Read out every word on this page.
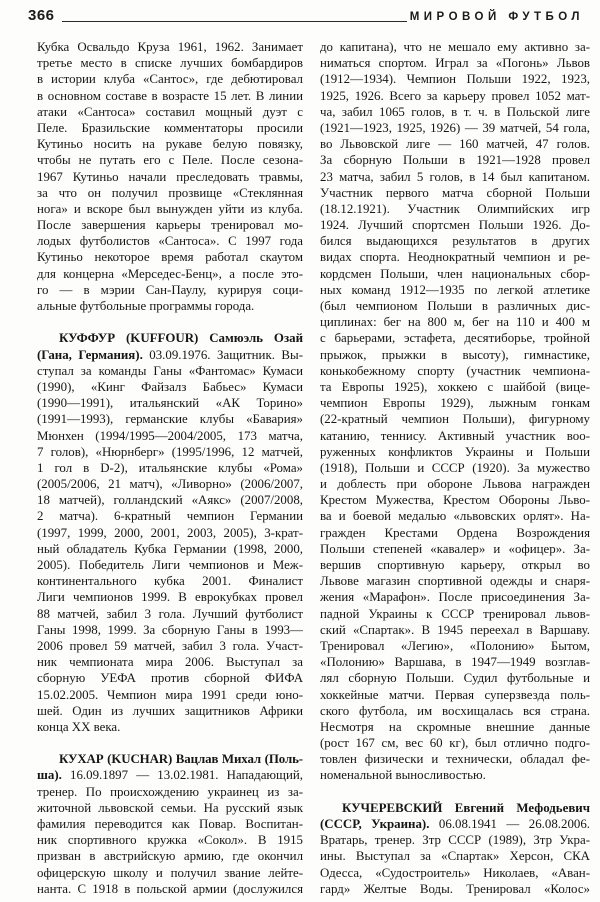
366	МИРОВОЙ ФУТБОЛ
Кубка Освальдо Круза 1961, 1962. Занимает
третье место в списке лучших бомбардиров
в истории клуба «Сантос», где дебютировал
в основном составе в возрасте 15 лет. В линии
атаки «Сантоса» составил мощный дуэт с
Пеле. Бразильские комментаторы просили
Кутиньо носить на рукаве белую повязку,
чтобы не путать его с Пеле. После сезона-
1967 Кутиньо начали преследовать травмы,
за что он получил прозвище «Стеклянная
нога» и вскоре был вынужден уйти из клуба.
После завершения карьеры тренировал мо-
лодых футболистов «Сантоса». С 1997 года
Кутиньо некоторое время работал скаутом
для концерна «Мерседес-Бенц», а после это-
го — в мэрии Сан-Паулу, курируя соци-
альные футбольные программы города.
КУФФУР (KUFFOUR) Самюэль Озай
(Гана, Германия). 03.09.1976. Защитник. Вы-
ступал за команды Ганы «Фантомас» Кумаси
(1990), «Кинг Файзалз Бабьес» Кумаси
(1990—1991), итальянский «АК Торино»
(1991—1993), германские клубы «Бавария»
Мюнхен (1994/1995—2004/2005, 173 матча,
7 голов), «Нюрнберг» (1995/1996, 12 матчей,
1 гол в D-2), итальянские клубы «Рома»
(2005/2006, 21 матч), «Ливорно» (2006/2007,
18 матчей), голландский «Аякс» (2007/2008,
2 матча). 6-кратный чемпион Германии
(1997, 1999, 2000, 2001, 2003, 2005), 3-крат-
ный обладатель Кубка Германии (1998, 2000,
2005). Победитель Лиги чемпионов и Меж-
континентального кубка 2001. Финалист
Лиги чемпионов 1999. В еврокубках провел
88 матчей, забил 3 гола. Лучший футболист
Ганы 1998, 1999. За сборную Ганы в 1993—
2006 провел 59 матчей, забил 3 гола. Участ-
ник чемпионата мира 2006. Выступал за
сборную УЕФА против сборной ФИФА
15.02.2005. Чемпион мира 1991 среди юно-
шей. Один из лучших защитников Африки
конца XX века.
КУХАР (KUCHAR) Вацлав Михал (Поль-
ша). 16.09.1897 — 13.02.1981. Нападающий,
тренер. По происхождению украинец из за-
житочной львовской семьи. На русский язык
фамилия переводится как Повар. Воспитан-
ник спортивного кружка «Сокол». В 1915
призван в австрийскую армию, где окончил
офицерскую школу и получил звание лейте-
нанта. С 1918 в польской армии (дослужился
до капитана), что не мешало ему активно за-
ниматься спортом. Играл за «Погонь» Львов
(1912—1934). Чемпион Польши 1922, 1923,
1925, 1926. Всего за карьеру провел 1052 мат-
ча, забил 1065 голов, в т. ч. в Польской лиге
(1921—1923, 1925, 1926) — 39 матчей, 54 гола,
во Львовской лиге — 160 матчей, 47 голов.
За сборную Польши в 1921—1928 провел
23 матча, забил 5 голов, в 14 был капитаном.
Участник первого матча сборной Польши
(18.12.1921). Участник Олимпийских игр
1924. Лучший спортсмен Польши 1926. До-
бился выдающихся результатов в других
видах спорта. Неоднократный чемпион и ре-
кордсмен Польши, член национальных сбор-
ных команд 1912—1935 по легкой атлетике
(был чемпионом Польши в различных дис-
циплинах: бег на 800 м, бег на 110 и 400 м
с барьерами, эстафета, десятиборье, тройной
прыжок, прыжки в высоту), гимнастике,
конькобежному спорту (участник чемпиона-
та Европы 1925), хоккею с шайбой (вице-
чемпион Европы 1929), лыжным гонкам
(22-кратный чемпион Польши), фигурному
катанию, теннису. Активный участник воо-
руженных конфликтов Украины и Польши
(1918), Польши и СССР (1920). За мужество
и доблесть при обороне Львова награжден
Крестом Мужества, Крестом Обороны Льво-
ва и боевой медалью «львовских орлят». На-
гражден Крестами Ордена Возрождения
Польши степеней «кавалер» и «офицер». За-
вершив спортивную карьеру, открыл во
Львове магазин спортивной одежды и снаря-
жения «Марафон». После присоединения За-
падной Украины к СССР тренировал львов-
ский «Спартак». В 1945 переехал в Варшаву.
Тренировал «Легию», «Полонию» Бытом,
«Полонию» Варшава, в 1947—1949 возглав-
лял сборную Польши. Судил футбольные и
хоккейные матчи. Первая суперзвезда поль-
ского футбола, им восхищалась вся страна.
Несмотря на скромные внешние данные
(рост 167 см, вес 60 кг), был отлично подго-
товлен физически и технически, обладал фе-
номенальной выносливостью.
КУЧЕРЕВСКИЙ Евгений Мефодьевич
(СССР, Украина). 06.08.1941 — 26.08.2006.
Вратарь, тренер. Зтр СССР (1989), Зтр Укра-
ины. Выступал за «Спартак» Херсон, СКА
Одесса, «Судостроитель» Николаев, «Аван-
гард» Желтые Воды. Тренировал «Колос»
